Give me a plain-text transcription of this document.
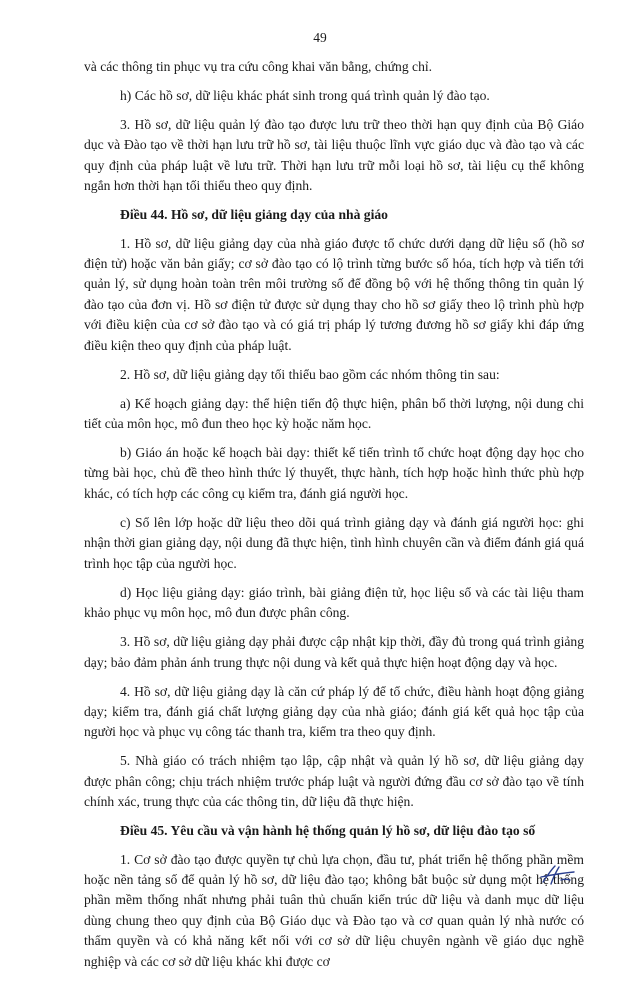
49

và các thông tin phục vụ tra cứu công khai văn bằng, chứng chỉ.

h) Các hồ sơ, dữ liệu khác phát sinh trong quá trình quản lý đào tạo.

3. Hồ sơ, dữ liệu quản lý đào tạo được lưu trữ theo thời hạn quy định của Bộ Giáo dục và Đào tạo về thời hạn lưu trữ hồ sơ, tài liệu thuộc lĩnh vực giáo dục và đào tạo và các quy định của pháp luật về lưu trữ. Thời hạn lưu trữ mỗi loại hồ sơ, tài liệu cụ thể không ngắn hơn thời hạn tối thiểu theo quy định.

Điều 44. Hồ sơ, dữ liệu giảng dạy của nhà giáo

1. Hồ sơ, dữ liệu giảng dạy của nhà giáo được tổ chức dưới dạng dữ liệu số (hồ sơ điện tử) hoặc văn bản giấy; cơ sở đào tạo có lộ trình từng bước số hóa, tích hợp và tiến tới quản lý, sử dụng hoàn toàn trên môi trường số để đồng bộ với hệ thống thông tin quản lý đào tạo của đơn vị. Hồ sơ điện tử được sử dụng thay cho hồ sơ giấy theo lộ trình phù hợp với điều kiện của cơ sở đào tạo và có giá trị pháp lý tương đương hồ sơ giấy khi đáp ứng điều kiện theo quy định của pháp luật.

2. Hồ sơ, dữ liệu giảng dạy tối thiểu bao gồm các nhóm thông tin sau:

a) Kế hoạch giảng dạy: thể hiện tiến độ thực hiện, phân bổ thời lượng, nội dung chi tiết của môn học, mô đun theo học kỳ hoặc năm học.

b) Giáo án hoặc kế hoạch bài dạy: thiết kế tiến trình tổ chức hoạt động dạy học cho từng bài học, chủ đề theo hình thức lý thuyết, thực hành, tích hợp hoặc hình thức phù hợp khác, có tích hợp các công cụ kiểm tra, đánh giá người học.

c) Sổ lên lớp hoặc dữ liệu theo dõi quá trình giảng dạy và đánh giá người học: ghi nhận thời gian giảng dạy, nội dung đã thực hiện, tình hình chuyên cần và điểm đánh giá quá trình học tập của người học.

d) Học liệu giảng dạy: giáo trình, bài giảng điện tử, học liệu số và các tài liệu tham khảo phục vụ môn học, mô đun được phân công.

3. Hồ sơ, dữ liệu giảng dạy phải được cập nhật kịp thời, đầy đủ trong quá trình giảng dạy; bảo đảm phản ánh trung thực nội dung và kết quả thực hiện hoạt động dạy và học.

4. Hồ sơ, dữ liệu giảng dạy là căn cứ pháp lý để tổ chức, điều hành hoạt động giảng dạy; kiểm tra, đánh giá chất lượng giảng dạy của nhà giáo; đánh giá kết quả học tập của người học và phục vụ công tác thanh tra, kiểm tra theo quy định.

5. Nhà giáo có trách nhiệm tạo lập, cập nhật và quản lý hồ sơ, dữ liệu giảng dạy được phân công; chịu trách nhiệm trước pháp luật và người đứng đầu cơ sở đào tạo về tính chính xác, trung thực của các thông tin, dữ liệu đã thực hiện.

Điều 45. Yêu cầu và vận hành hệ thống quản lý hồ sơ, dữ liệu đào tạo số

1. Cơ sở đào tạo được quyền tự chủ lựa chọn, đầu tư, phát triển hệ thống phần mềm hoặc nền tảng số để quản lý hồ sơ, dữ liệu đào tạo; không bắt buộc sử dụng một hệ thống phần mềm thống nhất nhưng phải tuân thủ chuẩn kiến trúc dữ liệu và danh mục dữ liệu dùng chung theo quy định của Bộ Giáo dục và Đào tạo và cơ quan quản lý nhà nước có thẩm quyền và có khả năng kết nối với cơ sở dữ liệu chuyên ngành về giáo dục nghề nghiệp và các cơ sở dữ liệu khác khi được cơ
